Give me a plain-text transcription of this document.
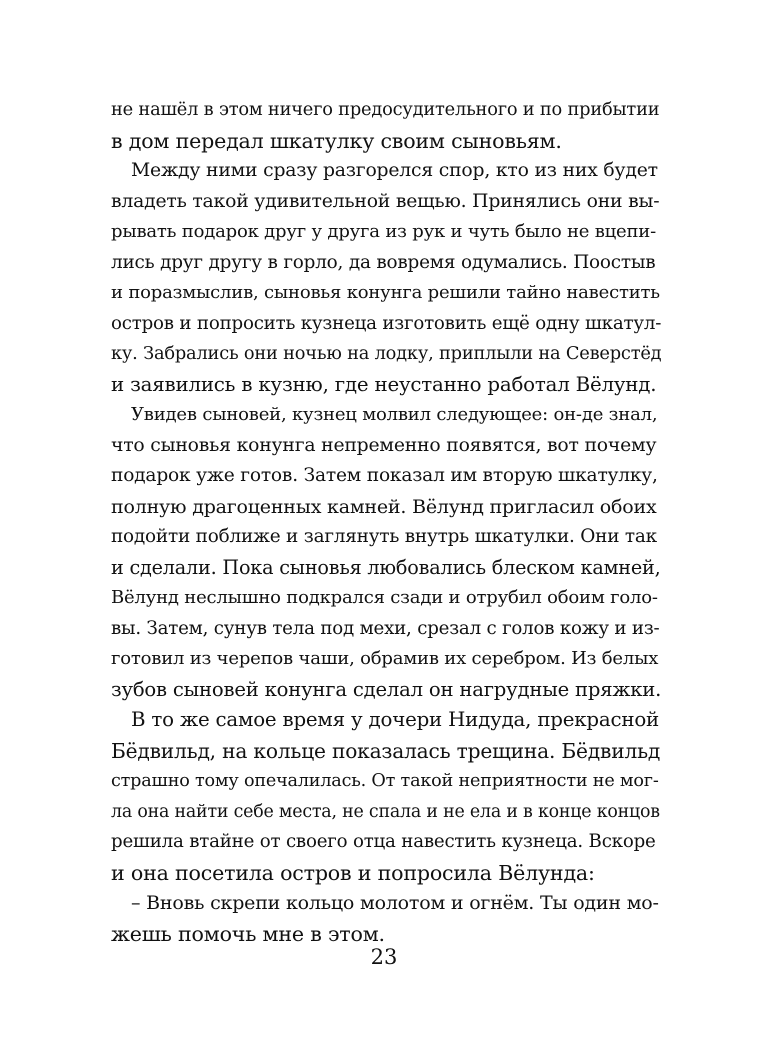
не нашёл в этом ничего предосудительного и по прибытии
в дом передал шкатулку своим сыновьям.
Между ними сразу разгорелся спор, кто из них будет
владеть такой удивительной вещью. Принялись они вы-
рывать подарок друг у друга из рук и чуть было не вцепи-
лись друг другу в горло, да вовремя одумались. Поостыв
и поразмыслив, сыновья конунга решили тайно навестить
остров и попросить кузнеца изготовить ещё одну шкатул-
ку. Забрались они ночью на лодку, приплыли на Северстёд
и заявились в кузню, где неустанно работал Вёлунд.
Увидев сыновей, кузнец молвил следующее: он-де знал,
что сыновья конунга непременно появятся, вот почему
подарок уже готов. Затем показал им вторую шкатулку,
полную драгоценных камней. Вёлунд пригласил обоих
подойти поближе и заглянуть внутрь шкатулки. Они так
и сделали. Пока сыновья любовались блеском камней,
Вёлунд неслышно подкрался сзади и отрубил обоим голо-
вы. Затем, сунув тела под мехи, срезал с голов кожу и из-
готовил из черепов чаши, обрамив их серебром. Из белых
зубов сыновей конунга сделал он нагрудные пряжки.
В то же самое время у дочери Нидуда, прекрасной
Бёдвильд, на кольце показалась трещина. Бёдвильд
страшно тому опечалилась. От такой неприятности не мог-
ла она найти себе места, не спала и не ела и в конце концов
решила втайне от своего отца навестить кузнеца. Вскоре
и она посетила остров и попросила Вёлунда:
– Вновь скрепи кольцо молотом и огнём. Ты один мо-
жешь помочь мне в этом.
23
